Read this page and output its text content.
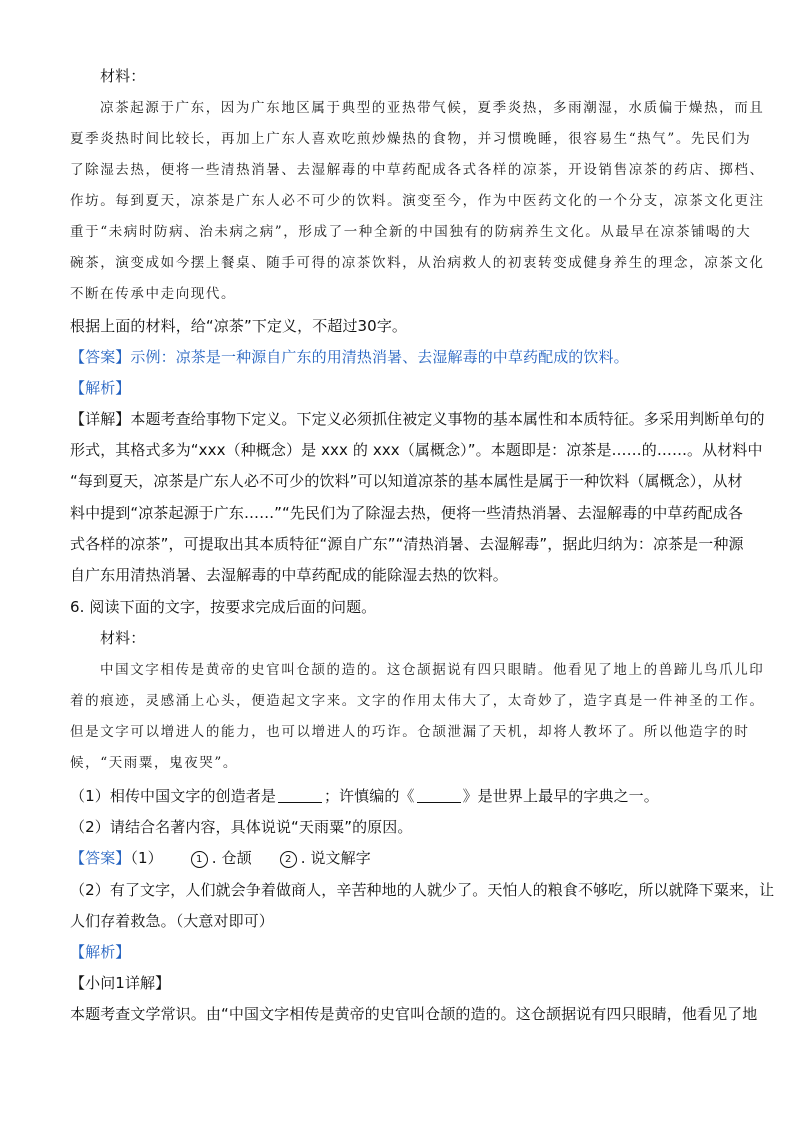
材料：
凉茶起源于广东，因为广东地区属于典型的亚热带气候，夏季炎热，多雨潮湿，水质偏于燥热，而且
夏季炎热时间比较长，再加上广东人喜欢吃煎炒燥热的食物，并习惯晚睡，很容易生“热气”。先民们为
了除湿去热，便将一些清热消暑、去湿解毒的中草药配成各式各样的凉茶，开设销售凉茶的药店、掷档、
作坊。每到夏天，凉茶是广东人必不可少的饮料。演变至今，作为中医药文化的一个分支，凉茶文化更注
重于“未病时防病、治未病之病”，形成了一种全新的中国独有的防病养生文化。从最早在凉茶铺喝的大
碗茶，演变成如今摆上餐桌、随手可得的凉茶饮料，从治病救人的初衷转变成健身养生的理念，凉茶文化
不断在传承中走向现代。
根据上面的材料，给“凉茶”下定义，不超过30字。
【答案】示例：凉茶是一种源自广东的用清热消暑、去湿解毒的中草药配成的饮料。
【解析】
【详解】本题考查给事物下定义。下定义必须抓住被定义事物的基本属性和本质特征。多采用判断单句的
形式，其格式多为“xxx（种概念）是 xxx 的 xxx（属概念）”。本题即是：凉茶是……的……。从材料中
“每到夏天，凉茶是广东人必不可少的饮料”可以知道凉茶的基本属性是属于一种饮料（属概念），从材
料中提到“凉茶起源于广东……”“先民们为了除湿去热，便将一些清热消暑、去湿解毒的中草药配成各
式各样的凉茶”，可提取出其本质特征“源自广东”“清热消暑、去湿解毒”，据此归纳为：凉茶是一种源
自广东用清热消暑、去湿解毒的中草药配成的能除湿去热的饮料。
6. 阅读下面的文字，按要求完成后面的问题。
材料：
中国文字相传是黄帝的史官叫仓颉的造的。这仓颉据说有四只眼睛。他看见了地上的兽蹄儿鸟爪儿印
着的痕迹，灵感涌上心头，便造起文字来。文字的作用太伟大了，太奇妙了，造字真是一件神圣的工作。
但是文字可以增进人的能力，也可以增进人的巧诈。仓颉泄漏了天机，却将人教坏了。所以他造字的时
候，“天雨粟，鬼夜哭”。
（1）相传中国文字的创造者是	；许慎编的《	》是世界上最早的字典之一。
（2）请结合名著内容，具体说说“天雨粟”的原因。
【答案】（1）	1 . 仓颉	2 . 说文解字
（2）有了文字，人们就会争着做商人，辛苦种地的人就少了。天怕人的粮食不够吃，所以就降下粟来，让
人们存着救急。（大意对即可）
【解析】
【小问1详解】
本题考查文学常识。由“中国文字相传是黄帝的史官叫仓颉的造的。这仓颉据说有四只眼睛，他看见了地
